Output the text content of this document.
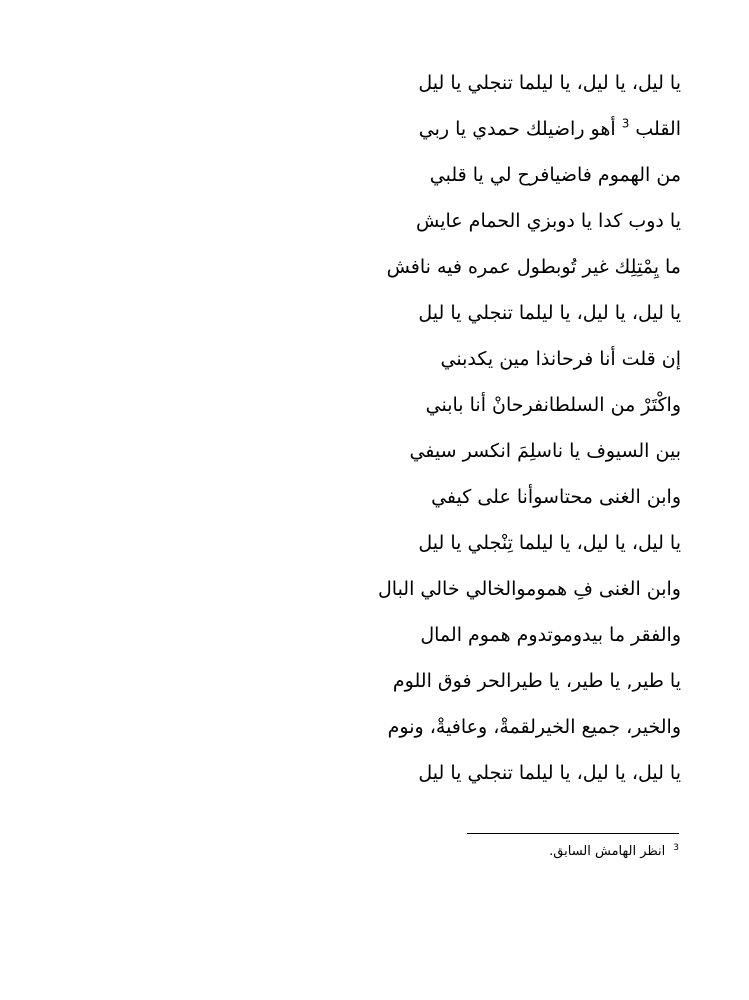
يا ليل، يا ليل، يا ليلما تنجلي يا ليل
القلب $^3$ أهو راضيلك حمدي يا ربي
من الهموم فاضيافرح لي يا قلبي
يا دوب كدا يا دوبزي الحمام عايش
ما يِمْتِلِك غير تُوبطول عمره فيه نافش
يا ليل، يا ليل، يا ليلما تنجلي يا ليل
إن قلت أنا فرحانذا مين يكدبني
واكْتَرْ من السلطانفرحانْ أنا بابني
بين السيوف يا ناسلِمَ انكسر سيفي
وابن الغنى محتاسوأنا على كيفي
يا ليل، يا ليل، يا ليلما تِنْجلي يا ليل
وابن الغنى فِ هموموالخالي خالي البال
والفقر ما بيدوموتدوم هموم المال
يا طير, يا طير، يا طيرالحر فوق اللوم
والخير، جميع الخيرلقمةْ، وعافيةْ، ونوم
يا ليل، يا ليل، يا ليلما تنجلي يا ليل
$^3$انظر الهامش السابق.
